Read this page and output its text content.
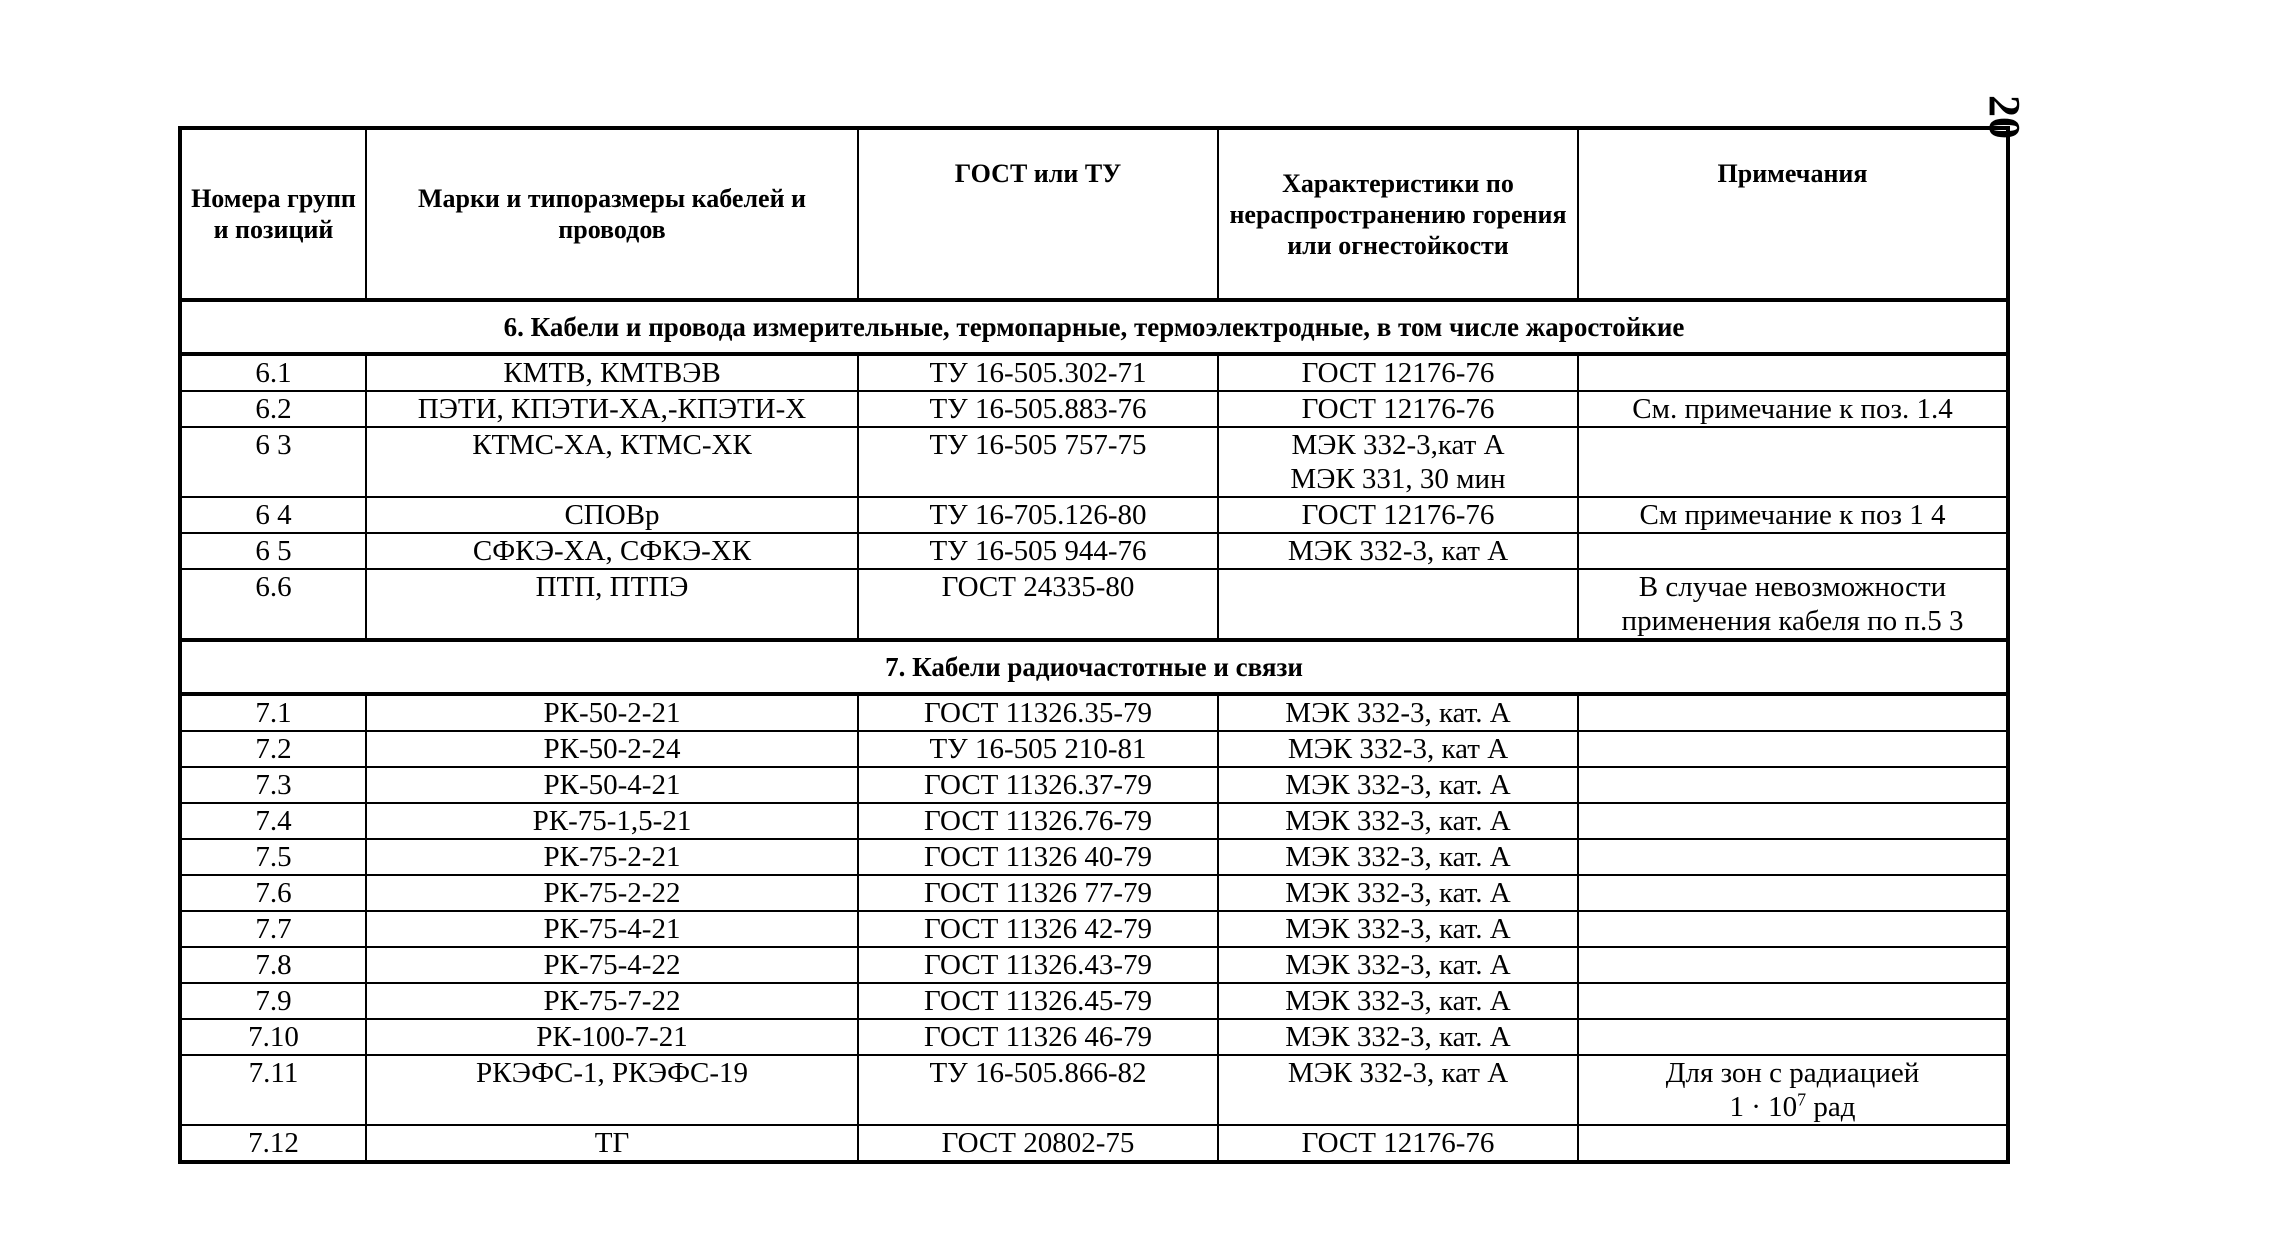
20
Номера групп и позиций	Марки и типоразмеры кабелей и проводов	ГОСТ или ТУ	Характеристики по нераспространению горения или огнестойкости	Примечания
6. Кабели и провода измерительные, термопарные, термоэлектродные, в том числе жаростойкие				
6.1	КМТВ, КМТВЭВ	ТУ 16-505.302-71	ГОСТ 12176-76	
6.2	ПЭТИ, КПЭТИ-ХА,-КПЭТИ-Х	ТУ 16-505.883-76	ГОСТ 12176-76	См. примечание к поз. 1.4
6 3	КТМС-ХА, КТМС-ХК	ТУ 16-505 757-75	МЭК 332-3,кат А
МЭК 331, 30 мин	

6 4	СПОВр	ТУ 16-705.126-80	ГОСТ 12176-76	См примечание к поз 1 4
6 5	СФКЭ-ХА, СФКЭ-ХК	ТУ 16-505 944-76	МЭК 332-3, кат А	
6.6	ПТП, ПТПЭ	ГОСТ 24335-80		В случае невозможности
применения кабеля по п.5 3

7. Кабели радиочастотные и связи				
7.1	РК-50-2-21	ГОСТ 11326.35-79	МЭК 332-3, кат. А	
7.2	РК-50-2-24	ТУ 16-505 210-81	МЭК 332-3, кат А	
7.3	РК-50-4-21	ГОСТ 11326.37-79	МЭК 332-3, кат. А	
7.4	РК-75-1,5-21	ГОСТ 11326.76-79	МЭК 332-3, кат. А	
7.5	РК-75-2-21	ГОСТ 11326 40-79	МЭК 332-3, кат. А	
7.6	РК-75-2-22	ГОСТ 11326 77-79	МЭК 332-3, кат. А	
7.7	РК-75-4-21	ГОСТ 11326 42-79	МЭК 332-3, кат. А	
7.8	РК-75-4-22	ГОСТ 11326.43-79	МЭК 332-3, кат. А	
7.9	РК-75-7-22	ГОСТ 11326.45-79	МЭК 332-3, кат. А	
7.10	РК-100-7-21	ГОСТ 11326 46-79	МЭК 332-3, кат. А	
7.11	РКЭФС-1, РКЭФС-19	ТУ 16-505.866-82	МЭК 332-3, кат А	Для зон с радиацией
$1 \cdot 10^7$ рад

7.12	ТГ	ГОСТ 20802-75	ГОСТ 12176-76	
